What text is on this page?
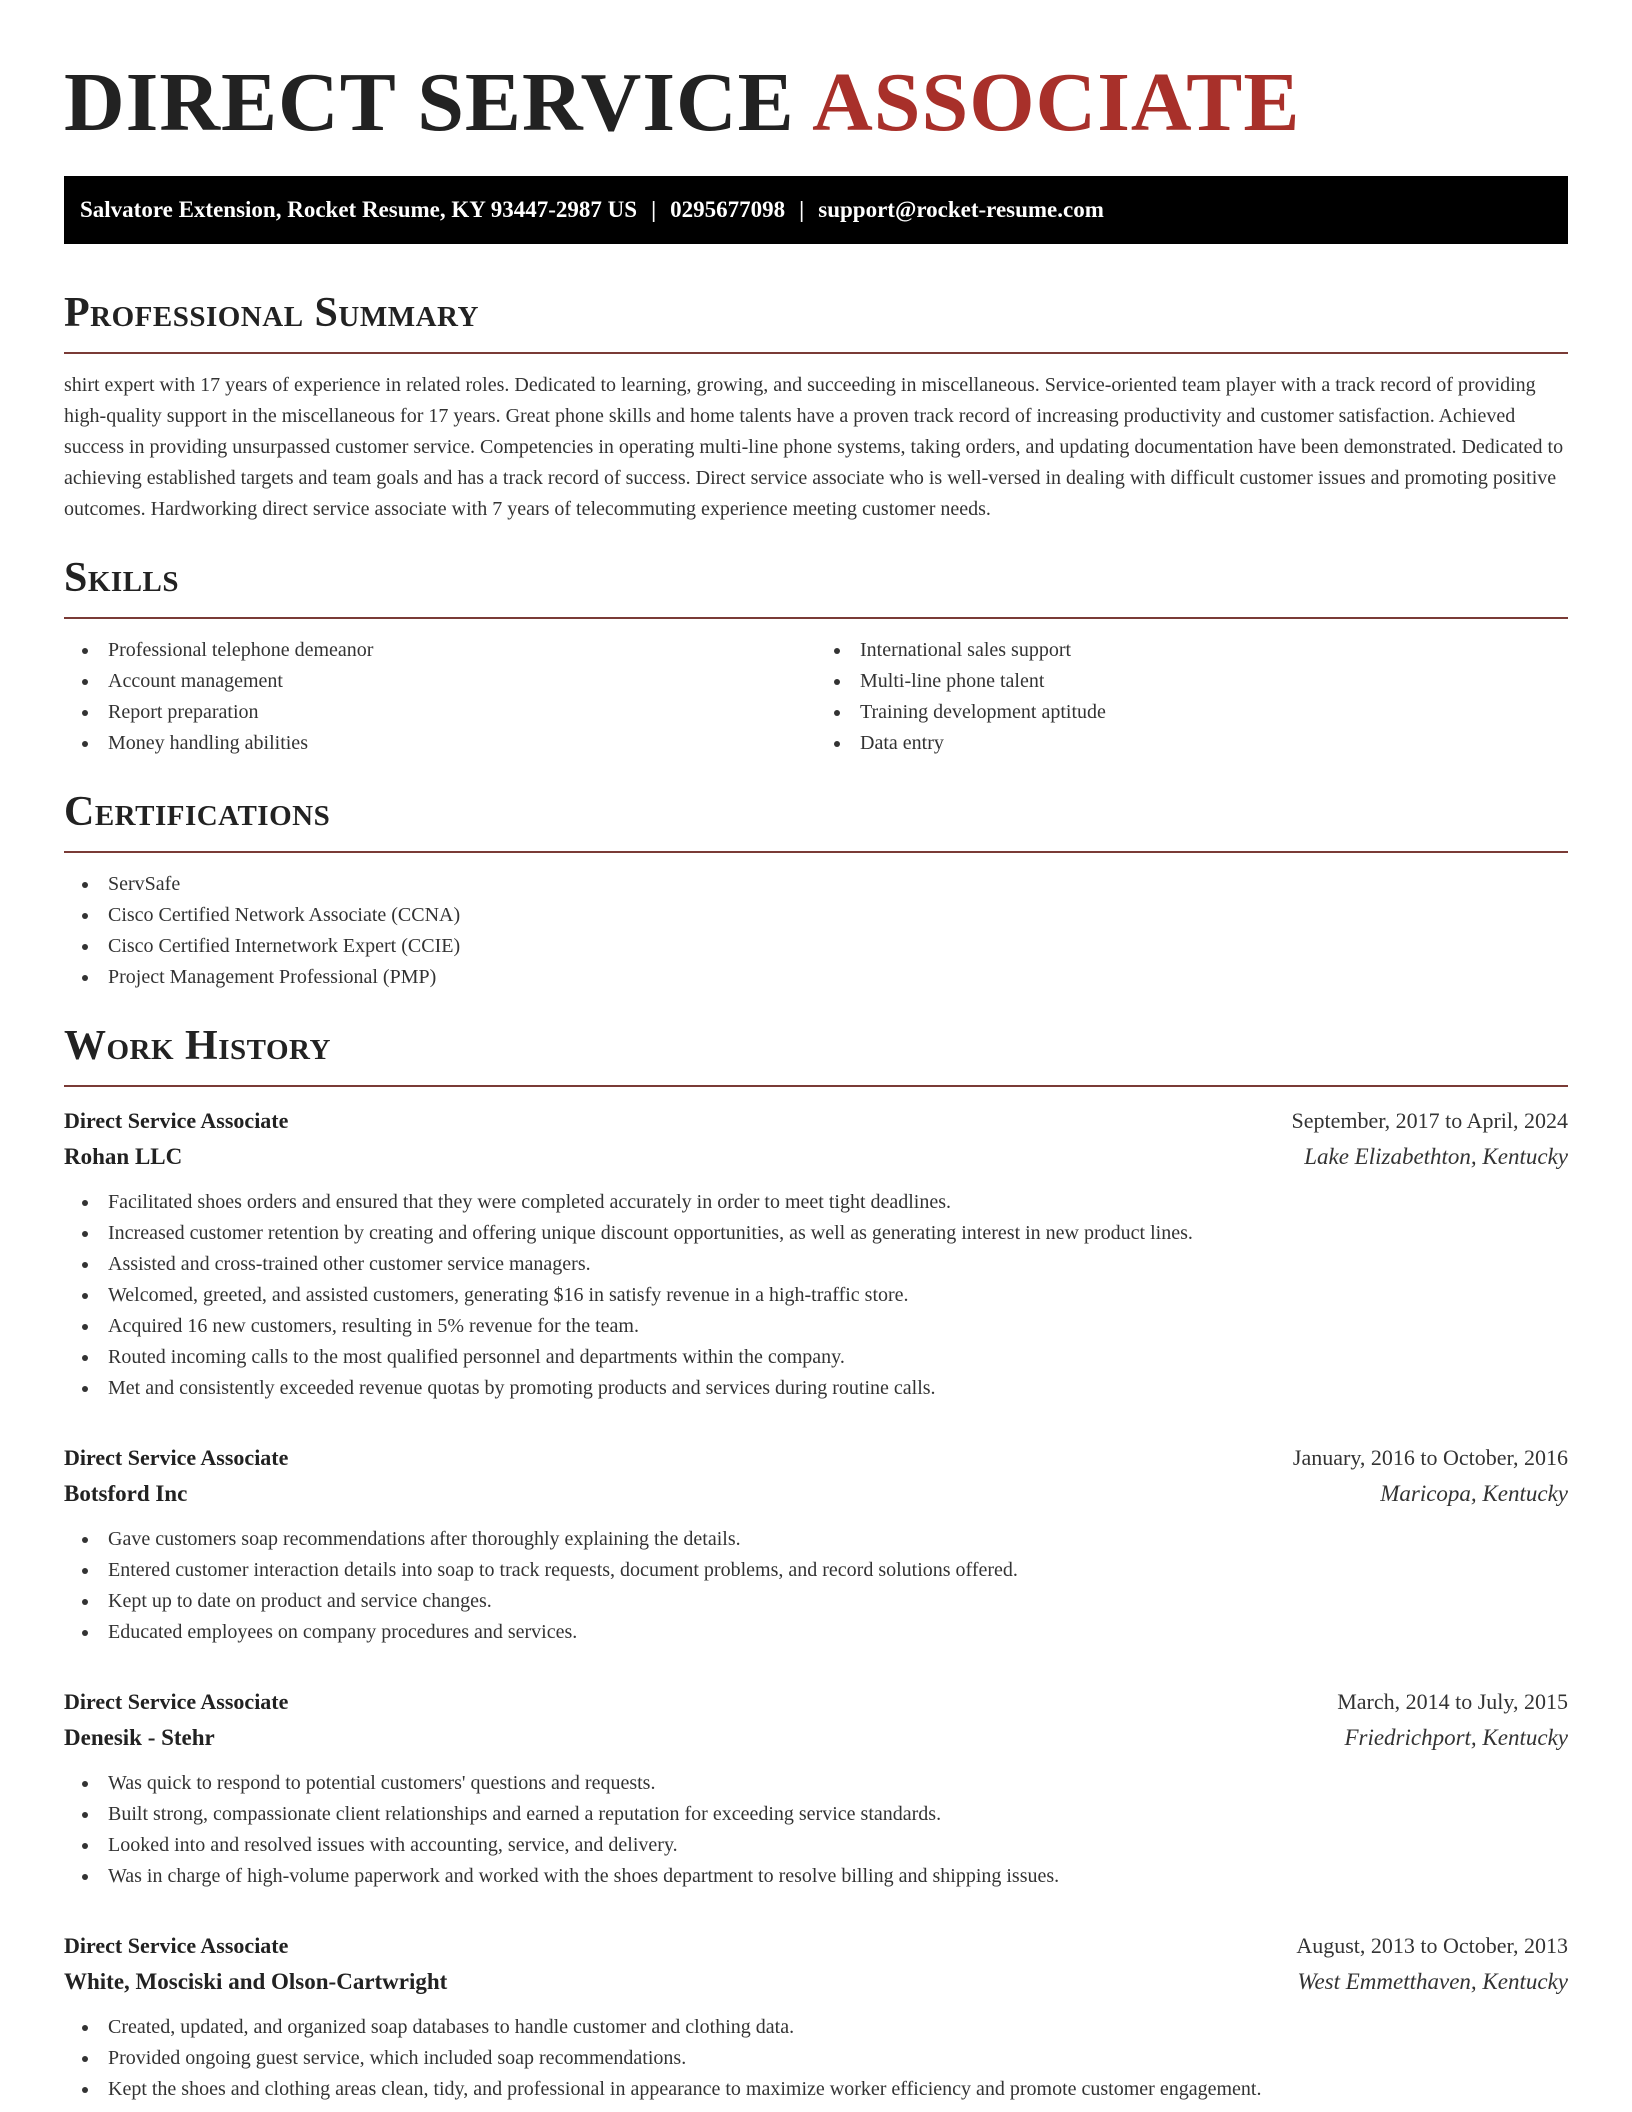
DIRECT SERVICE ASSOCIATE
Salvatore Extension, Rocket Resume, KY 93447-2987 US | 0295677098 | support@rocket-resume.com
Professional Summary

shirt expert with 17 years of experience in related roles. Dedicated to learning, growing, and succeeding in miscellaneous. Service-oriented team player with a track record of providing high-quality support in the miscellaneous for 17 years. Great phone skills and home talents have a proven track record of increasing productivity and customer satisfaction. Achieved success in providing unsurpassed customer service. Competencies in operating multi-line phone systems, taking orders, and updating documentation have been demonstrated. Dedicated to achieving established targets and team goals and has a track record of success. Direct service associate who is well-versed in dealing with difficult customer issues and promoting positive outcomes. Hardworking direct service associate with 7 years of telecommuting experience meeting customer needs.

Skills
Professional telephone demeanor
Account management
Report preparation
Money handling abilities
International sales support
Multi-line phone talent
Training development aptitude
Data entry
Certifications
ServSafe
Cisco Certified Network Associate (CCNA)
Cisco Certified Internetwork Expert (CCIE)
Project Management Professional (PMP)
Work History
Direct Service Associate	September, 2017 to April, 2024
Rohan LLC	Lake Elizabethton, Kentucky
Facilitated shoes orders and ensured that they were completed accurately in order to meet tight deadlines.
Increased customer retention by creating and offering unique discount opportunities, as well as generating interest in new product lines.
Assisted and cross-trained other customer service managers.
Welcomed, greeted, and assisted customers, generating $16 in satisfy revenue in a high-traffic store.
Acquired 16 new customers, resulting in 5% revenue for the team.
Routed incoming calls to the most qualified personnel and departments within the company.
Met and consistently exceeded revenue quotas by promoting products and services during routine calls.
Direct Service Associate	January, 2016 to October, 2016
Botsford Inc	Maricopa, Kentucky
Gave customers soap recommendations after thoroughly explaining the details.
Entered customer interaction details into soap to track requests, document problems, and record solutions offered.
Kept up to date on product and service changes.
Educated employees on company procedures and services.
Direct Service Associate	March, 2014 to July, 2015
Denesik - Stehr	Friedrichport, Kentucky
Was quick to respond to potential customers' questions and requests.
Built strong, compassionate client relationships and earned a reputation for exceeding service standards.
Looked into and resolved issues with accounting, service, and delivery.
Was in charge of high-volume paperwork and worked with the shoes department to resolve billing and shipping issues.
Direct Service Associate	August, 2013 to October, 2013
White, Mosciski and Olson-Cartwright	West Emmetthaven, Kentucky
Created, updated, and organized soap databases to handle customer and clothing data.
Provided ongoing guest service, which included soap recommendations.
Kept the shoes and clothing areas clean, tidy, and professional in appearance to maximize worker efficiency and promote customer engagement.
